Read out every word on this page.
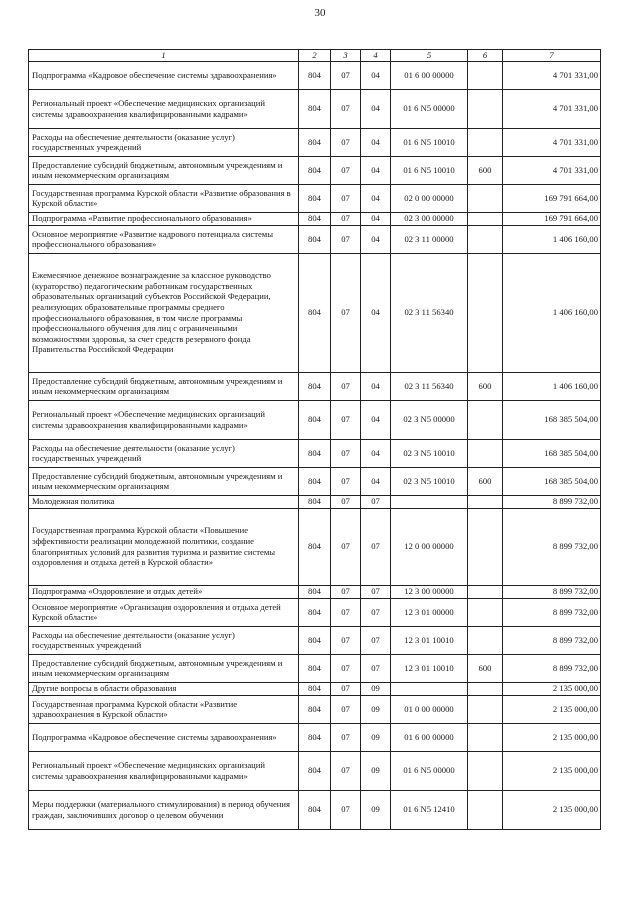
30
1	2	3	4	5	6	7
Подпрограмма «Кадровое обеспечение системы здравоохранения»	804	07	04	01 6 00 00000		4 701 331,00
Региональный проект «Обеспечение медицинских организаций системы здравоохранения квалифицированными кадрами»	804	07	04	01 6 N5 00000		4 701 331,00
Расходы на обеспечение деятельности (оказание услуг) государственных учреждений	804	07	04	01 6 N5 10010		4 701 331,00
Предоставление субсидий бюджетным, автономным учреждениям и иным некоммерческим организациям	804	07	04	01 6 N5 10010	600	4 701 331,00
Государственная программа Курской области «Развитие образования в Курской области»	804	07	04	02 0 00 00000		169 791 664,00
Подпрограмма «Развитие профессионального образования»	804	07	04	02 3 00 00000		169 791 664,00
Основное мероприятие «Развитие кадрового потенциала системы профессионального образования»	804	07	04	02 3 11 00000		1 406 160,00
Ежемесячное денежное вознаграждение за классное руководство (кураторство) педагогическим работникам государственных образовательных организаций субъектов Российской Федерации, реализующих образовательные программы среднего профессионального образования, в том числе программы профессионального обучения для лиц с ограниченными возможностями здоровья, за счет средств резервного фонда Правительства Российской Федерации	804	07	04	02 3 11 56340		1 406 160,00
Предоставление субсидий бюджетным, автономным учреждениям и иным некоммерческим организациям	804	07	04	02 3 11 56340	600	1 406 160,00
Региональный проект «Обеспечение медицинских организаций системы здравоохранения квалифицированными кадрами»	804	07	04	02 3 N5 00000		168 385 504,00
Расходы на обеспечение деятельности (оказание услуг) государственных учреждений	804	07	04	02 3 N5 10010		168 385 504,00
Предоставление субсидий бюджетным, автономным учреждениям и иным некоммерческим организациям	804	07	04	02 3 N5 10010	600	168 385 504,00
Молодежная политика	804	07	07			8 899 732,00
Государственная программа Курской области «Повышение эффективности реализации молодежной политики, создание благоприятных условий для развития туризма и развитие системы оздоровления и отдыха детей в Курской области»	804	07	07	12 0 00 00000		8 899 732,00
Подпрограмма «Оздоровление и отдых детей»	804	07	07	12 3 00 00000		8 899 732,00
Основное мероприятие «Организация оздоровления и отдыха детей Курской области»	804	07	07	12 3 01 00000		8 899 732,00
Расходы на обеспечение деятельности (оказание услуг) государственных учреждений	804	07	07	12 3 01 10010		8 899 732,00
Предоставление субсидий бюджетным, автономным учреждениям и иным некоммерческим организациям	804	07	07	12 3 01 10010	600	8 899 732,00
Другие вопросы в области образования	804	07	09			2 135 000,00
Государственная программа Курской области «Развитие здравоохранения в Курской области»	804	07	09	01 0 00 00000		2 135 000,00
Подпрограмма «Кадровое обеспечение системы здравоохранения»	804	07	09	01 6 00 00000		2 135 000,00
Региональный проект «Обеспечение медицинских организаций системы здравоохранения квалифицированными кадрами»	804	07	09	01 6 N5 00000		2 135 000,00
Меры поддержки (материального стимулирования) в период обучения граждан, заключивших договор о целевом обучении	804	07	09	01 6 N5 12410		2 135 000,00
